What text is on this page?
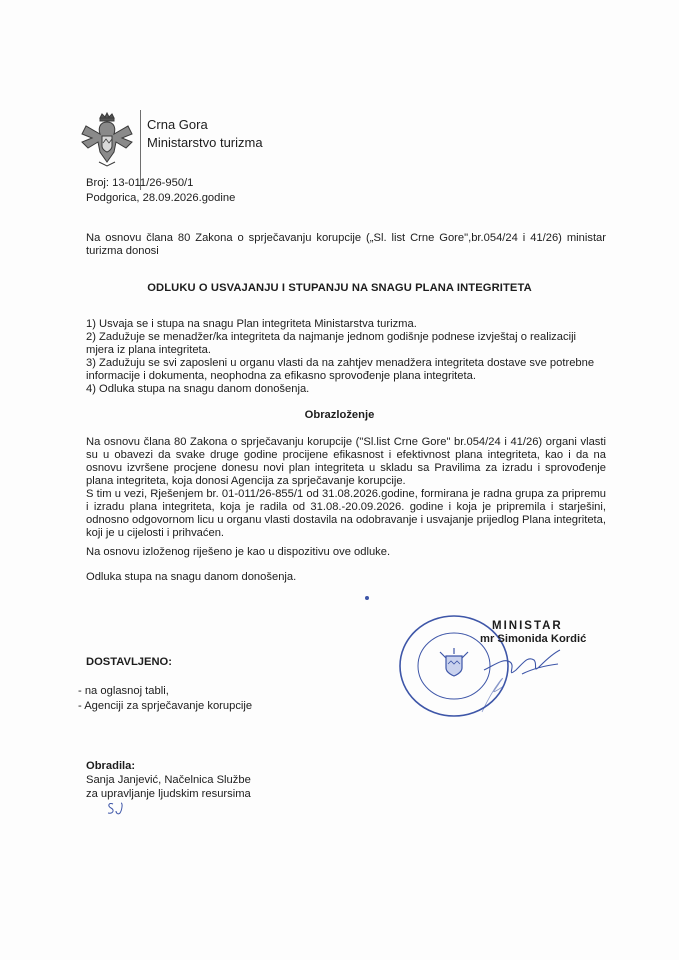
Crna Gora
Ministarstvo turizma
Broj: 13-011/26-950/1
Podgorica, 28.09.2026.godine
Na osnovu člana 80 Zakona o sprječavanju korupcije („Sl. list Crne Gore",br.054/24 i 41/26) ministar turizma donosi
ODLUKU O USVAJANJU I STUPANJU NA SNAGU PLANA INTEGRITETA
1) Usvaja se i stupa na snagu Plan integriteta Ministarstva turizma.
2) Zadužuje se menadžer/ka integriteta da najmanje jednom godišnje podnese izvještaj o realizaciji mjera iz plana integriteta.
3) Zadužuju se svi zaposleni u organu vlasti da na zahtjev menadžera integriteta dostave sve potrebne informacije i dokumenta, neophodna za efikasno sprovođenje plana integriteta.
4) Odluka stupa na snagu danom donošenja.
Obrazloženje

Na osnovu člana 80 Zakona o sprječavanju korupcije ("Sl.list Crne Gore" br.054/24 i 41/26) organi vlasti su u obavezi da svake druge godine procijene efikasnost i efektivnost plana integriteta, kao i da na osnovu izvršene procjene donesu novi plan integriteta u skladu sa Pravilima za izradu i sprovođenje plana integriteta, koja donosi Agencija za sprječavanje korupcije.

S tim u vezi, Rješenjem br. 01-011/26-855/1 od 31.08.2026.godine, formirana je radna grupa za pripremu i izradu plana integriteta, koja je radila od 31.08.-20.09.2026. godine i koja je pripremila i starješini, odnosno odgovornom licu u organu vlasti dostavila na odobravanje i usvajanje prijedlog Plana integriteta, koji je u cijelosti i prihvaćen.

Na osnovu izloženog riješeno je kao u dispozitivu ove odluke.
Odluka stupa na snagu danom donošenja.
MINISTAR
mr Simonida Kordić
DOSTAVLJENO:
- na oglasnoj tabli,
- Agenciji za sprječavanje korupcije
Obradila:
Sanja Janjević, Načelnica Službe
za upravljanje ljudskim resursima
